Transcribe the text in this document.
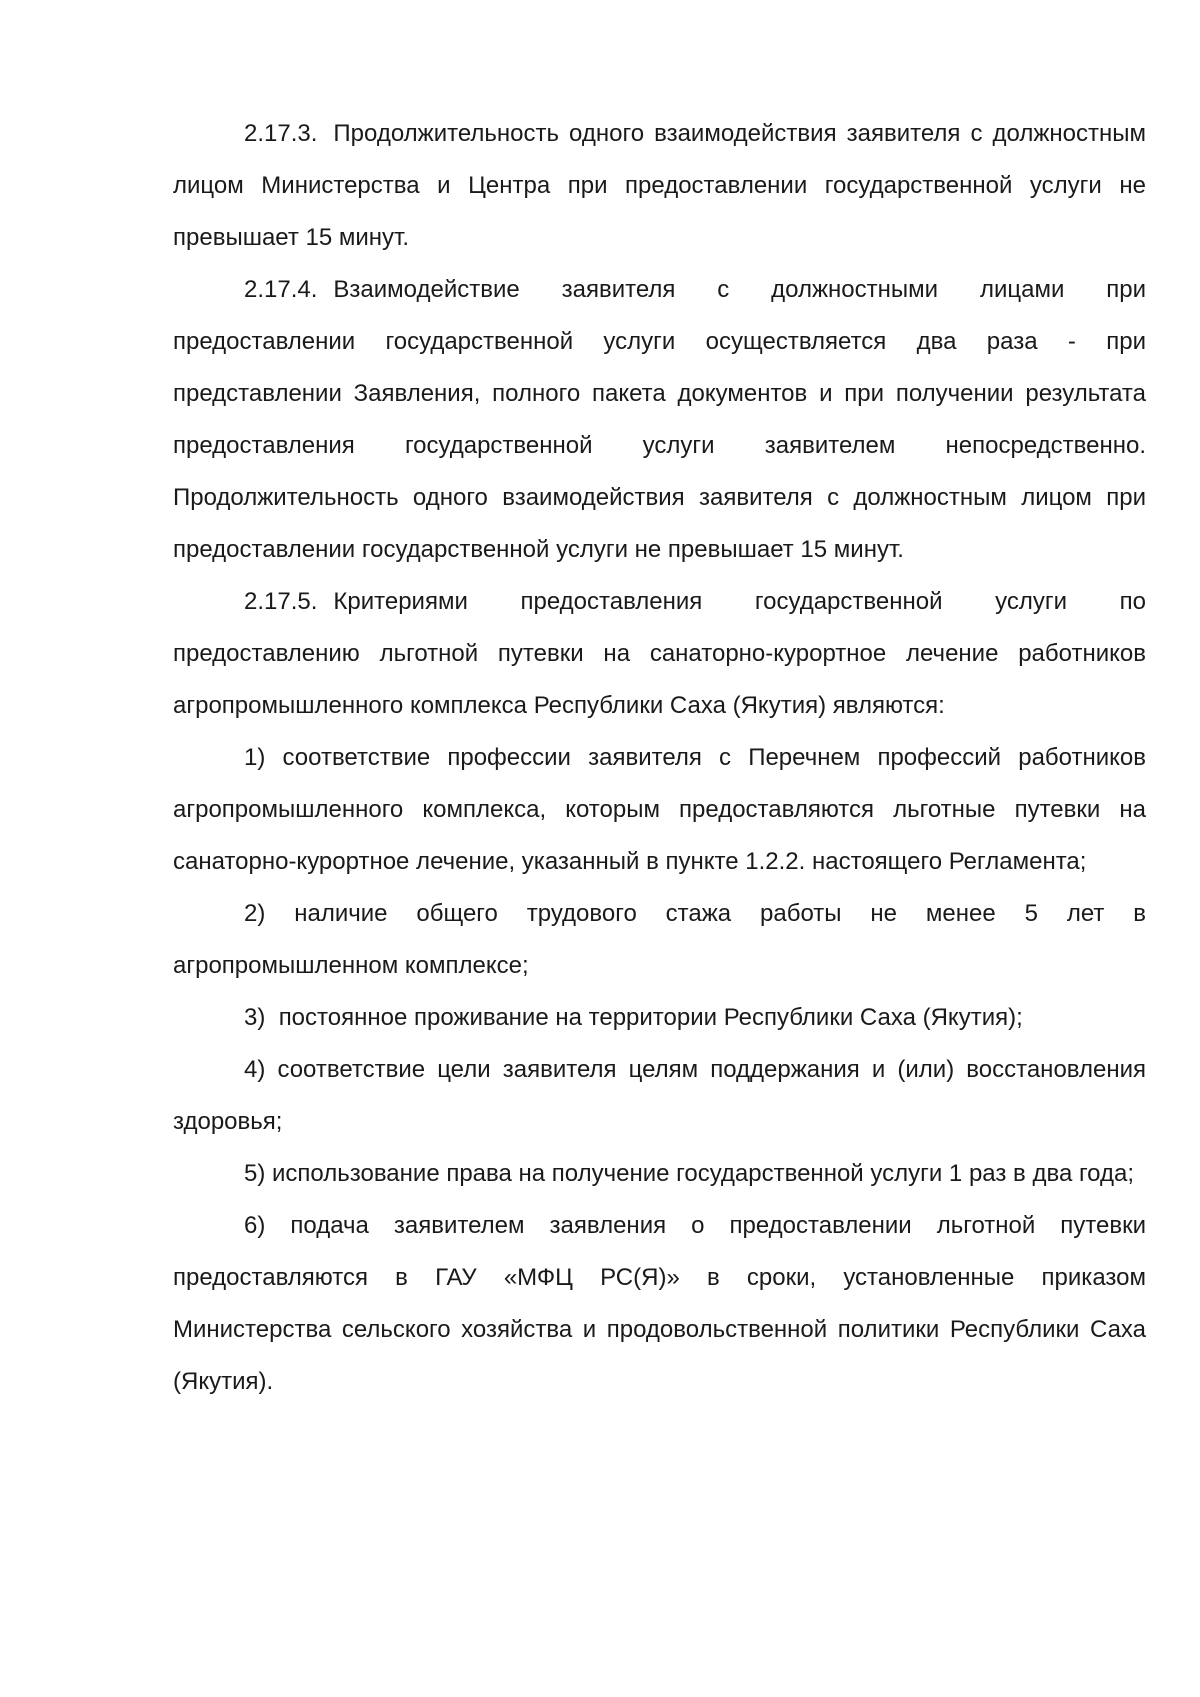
2.17.3. Продолжительность одного взаимодействия заявителя с должностным лицом Министерства и Центра при предоставлении государственной услуги не превышает 15 минут.

2.17.4. Взаимодействие заявителя с должностными лицами при предоставлении государственной услуги осуществляется два раза - при представлении Заявления, полного пакета документов и при получении результата предоставления государственной услуги заявителем непосредственно. Продолжительность одного взаимодействия заявителя с должностным лицом при предоставлении государственной услуги не превышает 15 минут.

2.17.5. Критериями предоставления государственной услуги по предоставлению льготной путевки на санаторно-курортное лечение работников агропромышленного комплекса Республики Саха (Якутия) являются:

1) соответствие профессии заявителя с Перечнем профессий работников агропромышленного комплекса, которым предоставляются льготные путевки на санаторно-курортное лечение, указанный в пункте 1.2.2. настоящего Регламента;

2) наличие общего трудового стажа работы не менее 5 лет в агропромышленном комплексе;

3) постоянное проживание на территории Республики Саха (Якутия);

4) соответствие цели заявителя целям поддержания и (или) восстановления здоровья;

5) использование права на получение государственной услуги 1 раз в два года;

6) подача заявителем заявления о предоставлении льготной путевки предоставляются в ГАУ «МФЦ РС(Я)» в сроки, установленные приказом Министерства сельского хозяйства и продовольственной политики Республики Саха (Якутия).
